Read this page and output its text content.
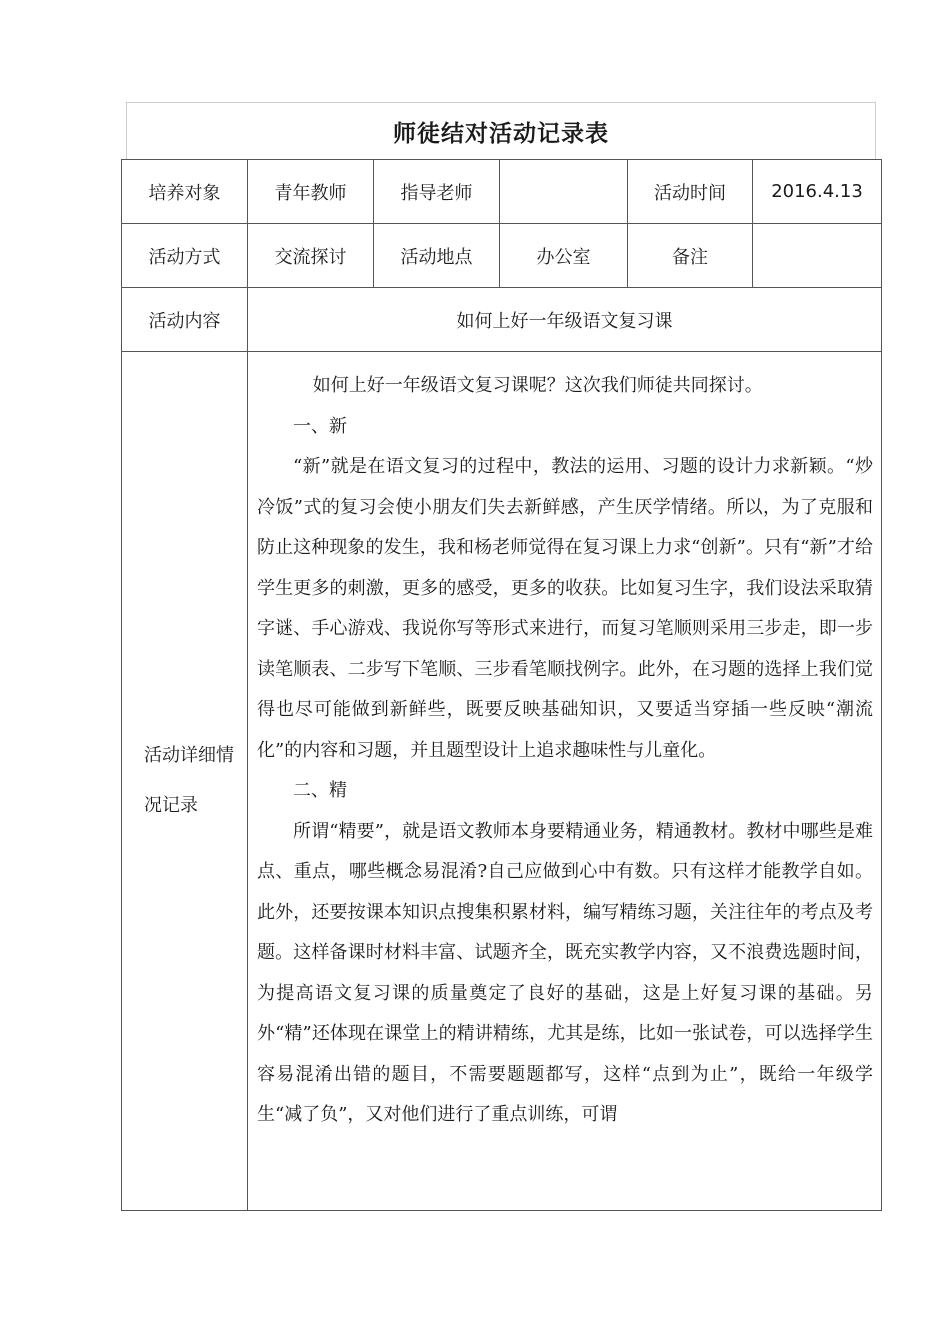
师徒结对活动记录表
培养对象	青年教师	指导老师		活动时间	2016.4.13
活动方式	交流探讨	活动地点	办公室	备注	
活动内容	如何上好一年级语文复习课				
活动详细情况记录	如何上好一年级语文复习课呢？这次我们师徒共同探讨。

一、新

“新”就是在语文复习的过程中，教法的运用、习题的设计力求新颖。“炒冷饭”式的复习会使小朋友们失去新鲜感，产生厌学情绪。所以，为了克服和防止这种现象的发生，我和杨老师觉得在复习课上力求“创新”。只有“新”才给学生更多的刺激，更多的感受，更多的收获。比如复习生字，我们设法采取猜字谜、手心游戏、我说你写等形式来进行，而复习笔顺则采用三步走，即一步读笔顺表、二步写下笔顺、三步看笔顺找例字。此外，在习题的选择上我们觉得也尽可能做到新鲜些，既要反映基础知识，又要适当穿插一些反映“潮流化”的内容和习题，并且题型设计上追求趣味性与儿童化。

二、精

所谓“精要”，就是语文教师本身要精通业务，精通教材。教材中哪些是难点、重点，哪些概念易混淆?自己应做到心中有数。只有这样才能教学自如。此外，还要按课本知识点搜集积累材料，编写精练习题，关注往年的考点及考题。这样备课时材料丰富、试题齐全，既充实教学内容，又不浪费选题时间，为提高语文复习课的质量奠定了良好的基础，这是上好复习课的基础。另外“精”还体现在课堂上的精讲精练，尤其是练，比如一张试卷，可以选择学生容易混淆出错的题目，不需要题题都写，这样“点到为止”，既给一年级学生“减了负”，又对他们进行了重点训练，可谓				
